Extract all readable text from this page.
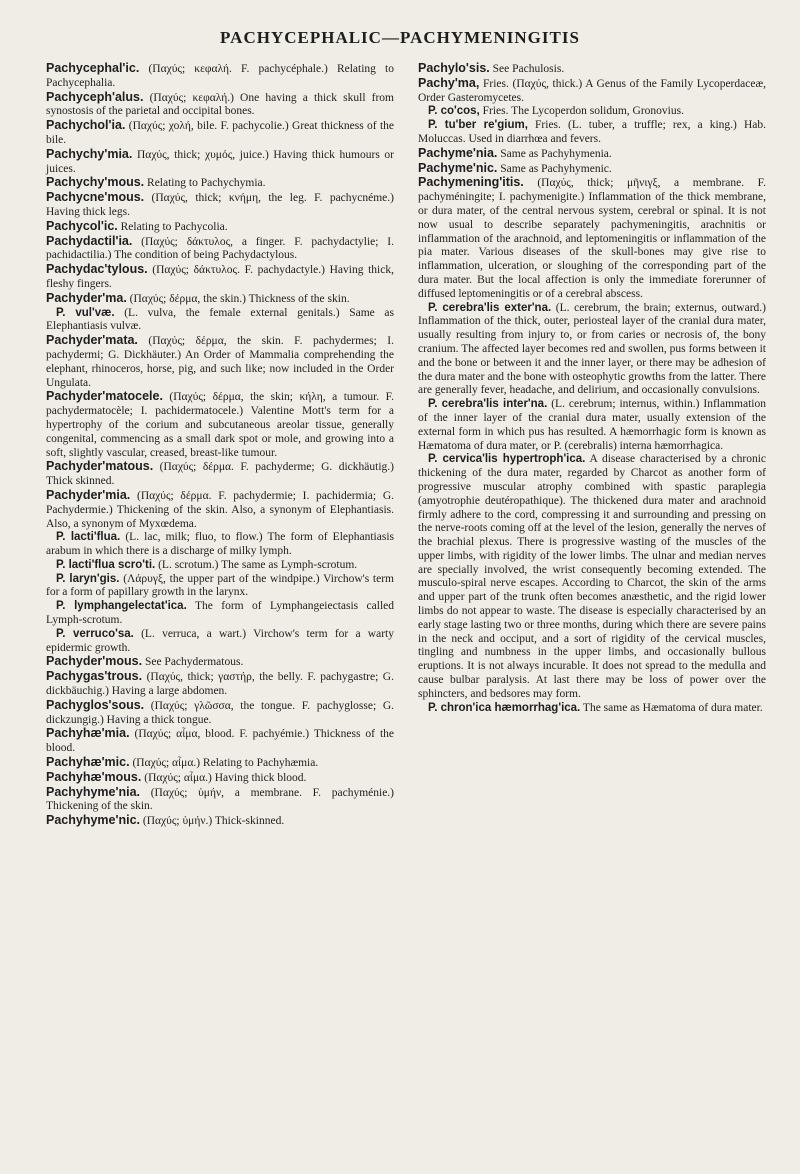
PACHYCEPHALIC—PACHYMENINGITIS

Pachycephal'ic. (Παχύς; κεφαλή. F. pachycéphale.) Relating to Pachycephalia.

Pachyceph'alus. (Παχύς; κεφαλή.) One having a thick skull from synostosis of the parietal and occipital bones.

Pachychol'ia. (Παχύς; χολή, bile. F. pachycolie.) Great thickness of the bile.

Pachychy'mia. Παχύς, thick; χυμός, juice.) Having thick humours or juices.

Pachychy'mous. Relating to Pachychymia.

Pachycne'mous. (Παχύς, thick; κνήμη, the leg. F. pachycnéme.) Having thick legs.

Pachycol'ic. Relating to Pachycolia.

Pachydactil'ia. (Παχύς; δάκτυλος, a finger. F. pachydactylie; I. pachidactilia.) The condition of being Pachydactylous.

Pachydac'tylous. (Παχύς; δάκτυλος. F. pachydactyle.) Having thick, fleshy fingers.

Pachyder'ma. (Παχύς; δέρμα, the skin.) Thickness of the skin.

P. vul'væ. (L. vulva, the female external genitals.) Same as Elephantiasis vulvæ.

Pachyder'mata. (Παχύς; δέρμα, the skin. F. pachydermes; I. pachydermi; G. Dickhäuter.) An Order of Mammalia comprehending the elephant, rhinoceros, horse, pig, and such like; now included in the Order Ungulata.

Pachyder'matocele. (Παχύς; δέρμα, the skin; κήλη, a tumour. F. pachydermatocèle; I. pachidermatocele.) Valentine Mott's term for a hypertrophy of the corium and subcutaneous areolar tissue, generally congenital, commencing as a small dark spot or mole, and growing into a soft, slightly vascular, creased, breast-like tumour.

Pachyder'matous. (Παχύς; δέρμα. F. pachyderme; G. dickhäutig.) Thick skinned.

Pachyder'mia. (Παχύς; δέρμα. F. pachydermie; I. pachidermia; G. Pachydermie.) Thickening of the skin. Also, a synonym of Elephantiasis. Also, a synonym of Myxœdema.

P. lacti'flua. (L. lac, milk; fluo, to flow.) The form of Elephantiasis arabum in which there is a discharge of milky lymph.

P. lacti'flua scro'ti. (L. scrotum.) The same as Lymph-scrotum.

P. laryn'gis. (Λάρυγξ, the upper part of the windpipe.) Virchow's term for a form of papillary growth in the larynx.

P. lymphangelectat'ica. The form of Lymphangeiectasis called Lymph-scrotum.

P. verruco'sa. (L. verruca, a wart.) Virchow's term for a warty epidermic growth.

Pachyder'mous. See Pachydermatous.

Pachygas'trous. (Παχύς, thick; γαστήρ, the belly. F. pachygastre; G. dickbäuchig.) Having a large abdomen.

Pachyglos'sous. (Παχύς; γλῶσσα, the tongue. F. pachyglosse; G. dickzungig.) Having a thick tongue.

Pachyhæ'mia. (Παχύς; αἷμα, blood. F. pachyémie.) Thickness of the blood.

Pachyhæ'mic. (Παχύς; αἷμα.) Relating to Pachyhæmia.

Pachyhæ'mous. (Παχύς; αἷμα.) Having thick blood.

Pachyhyme'nia. (Παχύς; ὑμήν, a membrane. F. pachyménie.) Thickening of the skin.

Pachyhyme'nic. (Παχύς; ὑμήν.) Thick-skinned.

Pachylo'sis. See Pachulosis.

Pachy'ma, Fries. (Παχύς, thick.) A Genus of the Family Lycoperdaceæ, Order Gasteromycetes.

P. co'cos, Fries. The Lycoperdon solidum, Gronovius.

P. tu'ber re'gium, Fries. (L. tuber, a truffle; rex, a king.) Hab. Moluccas. Used in diarrhœa and fevers.

Pachyme'nia. Same as Pachyhymenia.

Pachyme'nic. Same as Pachyhymenic.

Pachymening'itis. (Παχύς, thick; μῆνιγξ, a membrane. F. pachyméningite; I. pachymenigite.) Inflammation of the thick membrane, or dura mater, of the central nervous system, cerebral or spinal. It is not now usual to describe separately pachymeningitis, arachnitis or inflammation of the arachnoid, and leptomeningitis or inflammation of the pia mater. Various diseases of the skull-bones may give rise to inflammation, ulceration, or sloughing of the corresponding part of the dura mater. But the local affection is only the immediate forerunner of diffused leptomeningitis or of a cerebral abscess.

P. cerebra'lis exter'na. (L. cerebrum, the brain; externus, outward.) Inflammation of the thick, outer, periosteal layer of the cranial dura mater, usually resulting from injury to, or from caries or necrosis of, the bony cranium. The affected layer becomes red and swollen, pus forms between it and the bone or between it and the inner layer, or there may be adhesion of the dura mater and the bone with osteophytic growths from the latter. There are generally fever, headache, and delirium, and occasionally convulsions.

P. cerebra'lis inter'na. (L. cerebrum; internus, within.) Inflammation of the inner layer of the cranial dura mater, usually extension of the external form in which pus has resulted. A hæmorrhagic form is known as Hæmatoma of dura mater, or P. (cerebralis) interna hæmorrhagica.

P. cervica'lis hypertroph'ica. A disease characterised by a chronic thickening of the dura mater, regarded by Charcot as another form of progressive muscular atrophy combined with spastic paraplegia (amyotrophie deutéropathique). The thickened dura mater and arachnoid firmly adhere to the cord, compressing it and surrounding and pressing on the nerve-roots coming off at the level of the lesion, generally the nerves of the brachial plexus. There is progressive wasting of the muscles of the upper limbs, with rigidity of the lower limbs. The ulnar and median nerves are specially involved, the wrist consequently becoming extended. The musculo-spiral nerve escapes. According to Charcot, the skin of the arms and upper part of the trunk often becomes anæsthetic, and the rigid lower limbs do not appear to waste. The disease is especially characterised by an early stage lasting two or three months, during which there are severe pains in the neck and occiput, and a sort of rigidity of the cervical muscles, tingling and numbness in the upper limbs, and occasionally bullous eruptions. It is not always incurable. It does not spread to the medulla and cause bulbar paralysis. At last there may be loss of power over the sphincters, and bedsores may form.

P. chron'ica hæmorrhag'ica. The same as Hæmatoma of dura mater.
